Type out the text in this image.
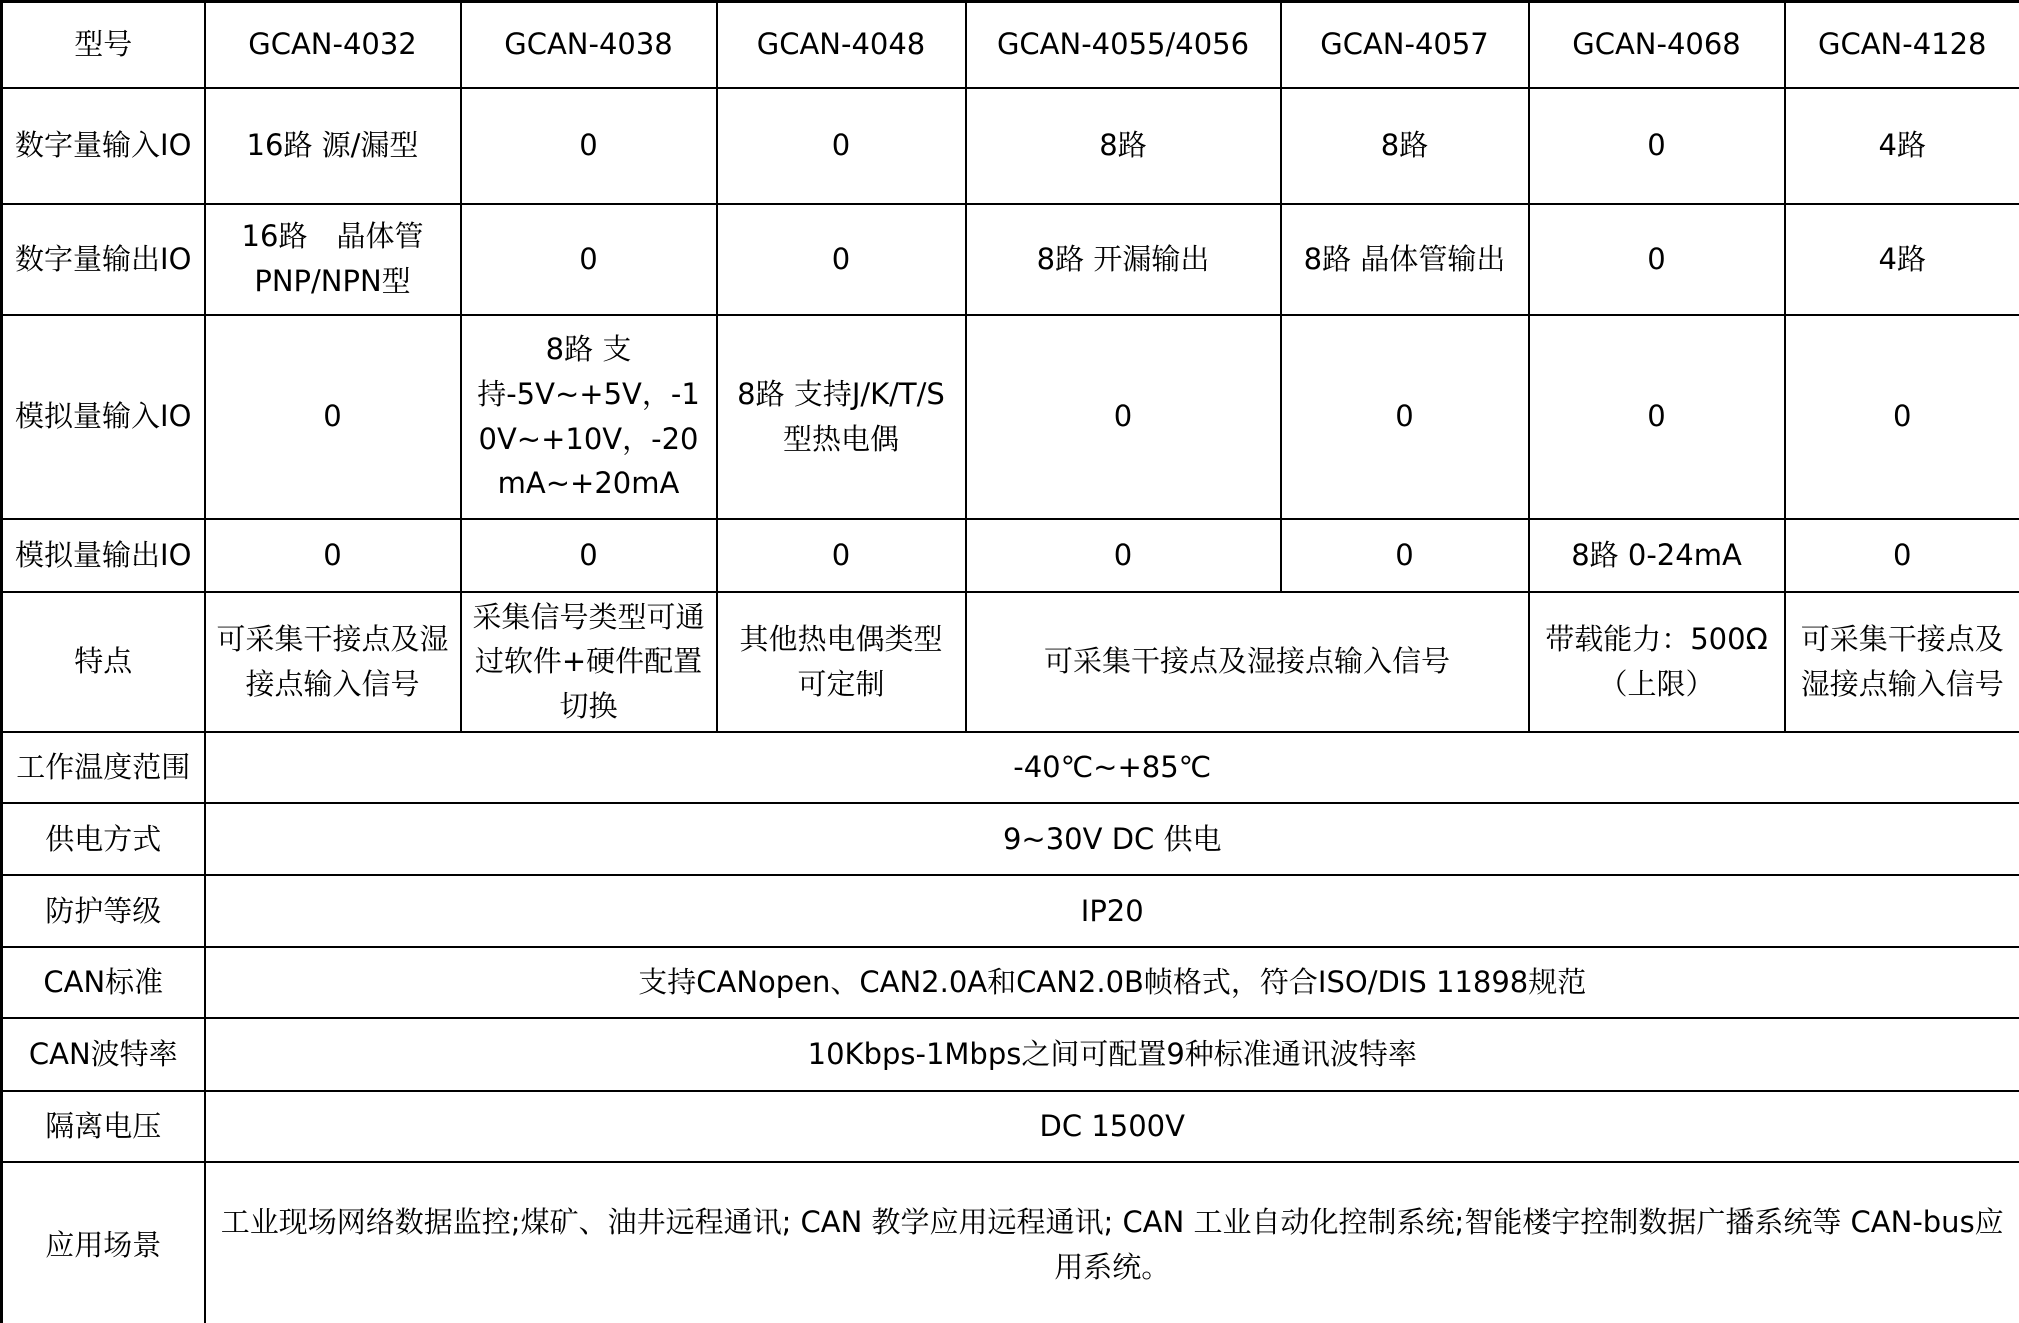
型号	GCAN-4032	GCAN-4038	GCAN-4048	GCAN-4055/4056	GCAN-4057	GCAN-4068	GCAN-4128
数字量输入IO	16路 源/漏型	0	0	8路	8路	0	4路
数字量输出IO	16路　晶体管PNP/NPN型	0	0	8路 开漏输出	8路 晶体管输出	0	4路
模拟量输入IO	0	8路 支持-5V~+5V，-10V~+10V，-20mA~+20mA	8路 支持J/K/T/S型热电偶	0	0	0	0
模拟量输出IO	0	0	0	0	0	8路 0-24mA	0
特点	可采集干接点及湿接点输入信号	采集信号类型可通过软件+硬件配置切换	其他热电偶类型可定制	可采集干接点及湿接点输入信号		带载能力：500Ω（上限）	可采集干接点及湿接点输入信号
工作温度范围	-40℃~+85℃						
供电方式	9~30V DC 供电						
防护等级	IP20						
CAN标准	支持CANopen、CAN2.0A和CAN2.0B帧格式，符合ISO/DIS 11898规范						
CAN波特率	10Kbps-1Mbps之间可配置9种标准通讯波特率						
隔离电压	DC 1500V						
应用场景	工业现场网络数据监控;煤矿、油井远程通讯; CAN 教学应用远程通讯; CAN 工业自动化控制系统;智能楼宇控制数据广播系统等 CAN-bus应用系统。						
